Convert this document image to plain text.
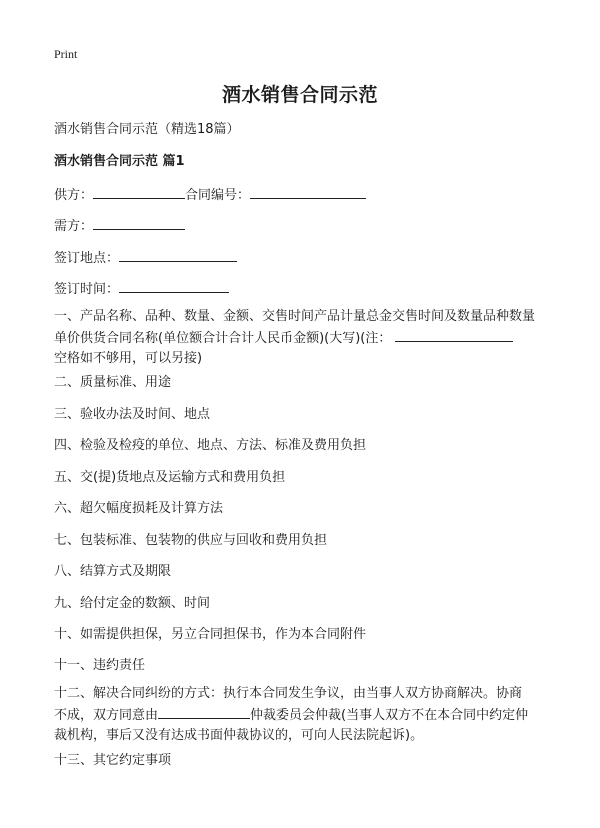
Print
酒水销售合同示范
酒水销售合同示范（精选18篇）
酒水销售合同示范 篇1
供方：	合同编号：
需方：
签订地点：
签订时间：
一、产品名称、品种、数量、金额、交售时间产品计量总金交售时间及数量品种数量
单价供货合同名称(单位额合计合计人民币金额)(大写)(注：
空格如不够用，可以另接)
二、质量标准、用途
三、验收办法及时间、地点
四、检验及检疫的单位、地点、方法、标准及费用负担
五、交(提)货地点及运输方式和费用负担
六、超欠幅度损耗及计算方法
七、包装标准、包装物的供应与回收和费用负担
八、结算方式及期限
九、给付定金的数额、时间
十、如需提供担保，另立合同担保书，作为本合同附件
十一、违约责任
十二、解决合同纠纷的方式：执行本合同发生争议，由当事人双方协商解决。协商
不成，双方同意由	仲裁委员会仲裁(当事人双方不在本合同中约定仲
裁机构，事后又没有达成书面仲裁协议的，可向人民法院起诉)。
十三、其它约定事项
